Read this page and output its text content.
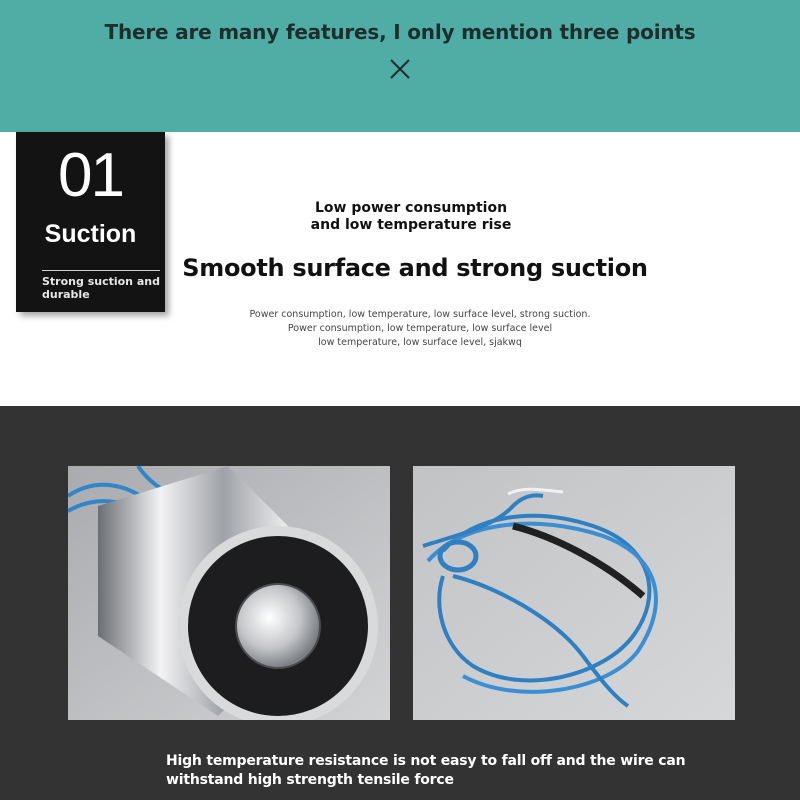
There are many features, I only mention three points
01
Suction
Strong suction and durable
Low power consumption
and low temperature rise
Smooth surface and strong suction
Power consumption, low temperature, low surface level, strong suction.
Power consumption, low temperature, low surface level
low temperature, low surface level, sjakwq
High temperature resistance is not easy to fall off and the wire can
withstand high strength tensile force
